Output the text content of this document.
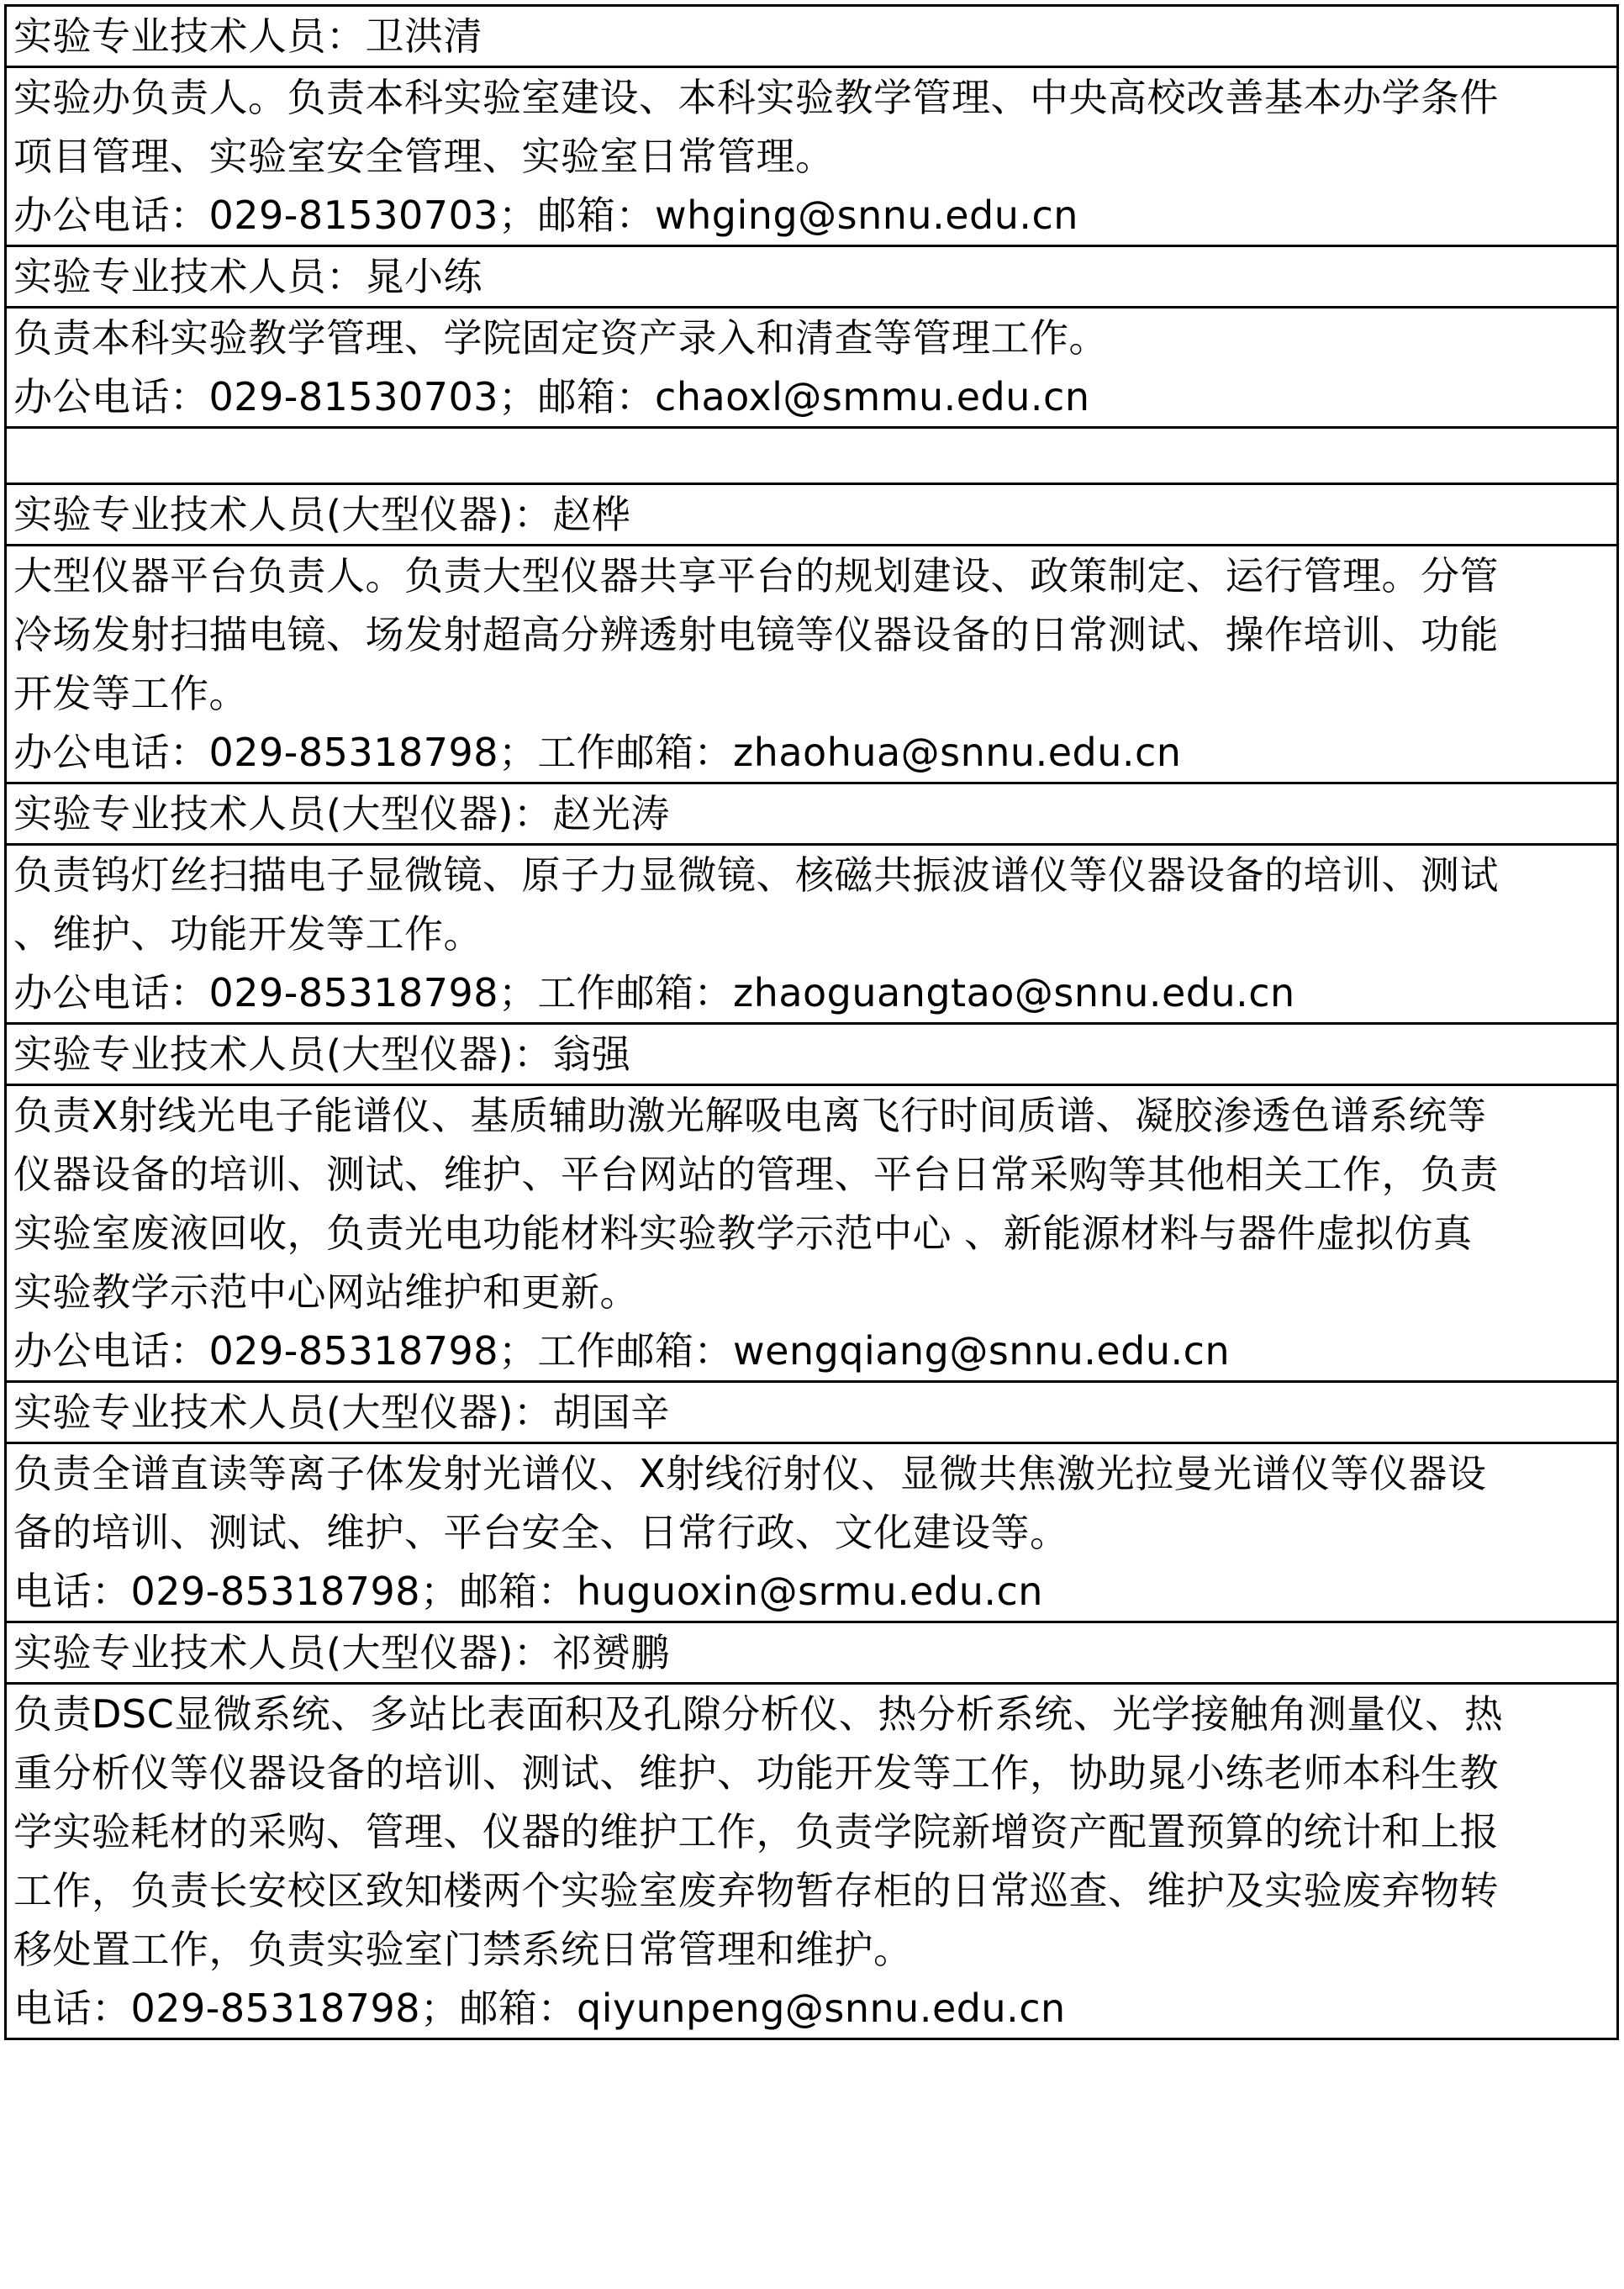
实验专业技术人员：卫洪清

实验办负责人。负责本科实验室建设、本科实验教学管理、中央高校改善基本办学条件
项目管理、实验室安全管理、实验室日常管理。
办公电话：029-81530703；邮箱：whging@snnu.edu.cn

实验专业技术人员：晁小练

负责本科实验教学管理、学院固定资产录入和清查等管理工作。
办公电话：029-81530703；邮箱：chaoxl@smmu.edu.cn

实验专业技术人员(大型仪器)：赵桦

大型仪器平台负责人。负责大型仪器共享平台的规划建设、政策制定、运行管理。分管
冷场发射扫描电镜、场发射超高分辨透射电镜等仪器设备的日常测试、操作培训、功能
开发等工作。
办公电话：029-85318798；工作邮箱：zhaohua@snnu.edu.cn

实验专业技术人员(大型仪器)：赵光涛

负责钨灯丝扫描电子显微镜、原子力显微镜、核磁共振波谱仪等仪器设备的培训、测试
、维护、功能开发等工作。
办公电话：029-85318798；工作邮箱：zhaoguangtao@snnu.edu.cn

实验专业技术人员(大型仪器)：翁强

负责X射线光电子能谱仪、基质辅助激光解吸电离飞行时间质谱、凝胶渗透色谱系统等
仪器设备的培训、测试、维护、平台网站的管理、平台日常采购等其他相关工作，负责
实验室废液回收，负责光电功能材料实验教学示范中心 、新能源材料与器件虚拟仿真
实验教学示范中心网站维护和更新。
办公电话：029-85318798；工作邮箱：wengqiang@snnu.edu.cn

实验专业技术人员(大型仪器)：胡国辛

负责全谱直读等离子体发射光谱仪、X射线衍射仪、显微共焦激光拉曼光谱仪等仪器设
备的培训、测试、维护、平台安全、日常行政、文化建设等。
电话：029-85318798；邮箱：huguoxin@srmu.edu.cn

实验专业技术人员(大型仪器)：祁赟鹏

负责DSC显微系统、多站比表面积及孔隙分析仪、热分析系统、光学接触角测量仪、热
重分析仪等仪器设备的培训、测试、维护、功能开发等工作，协助晁小练老师本科生教
学实验耗材的采购、管理、仪器的维护工作，负责学院新增资产配置预算的统计和上报
工作，负责长安校区致知楼两个实验室废弃物暂存柜的日常巡查、维护及实验废弃物转
移处置工作，负责实验室门禁系统日常管理和维护。
电话：029-85318798；邮箱：qiyunpeng@snnu.edu.cn
